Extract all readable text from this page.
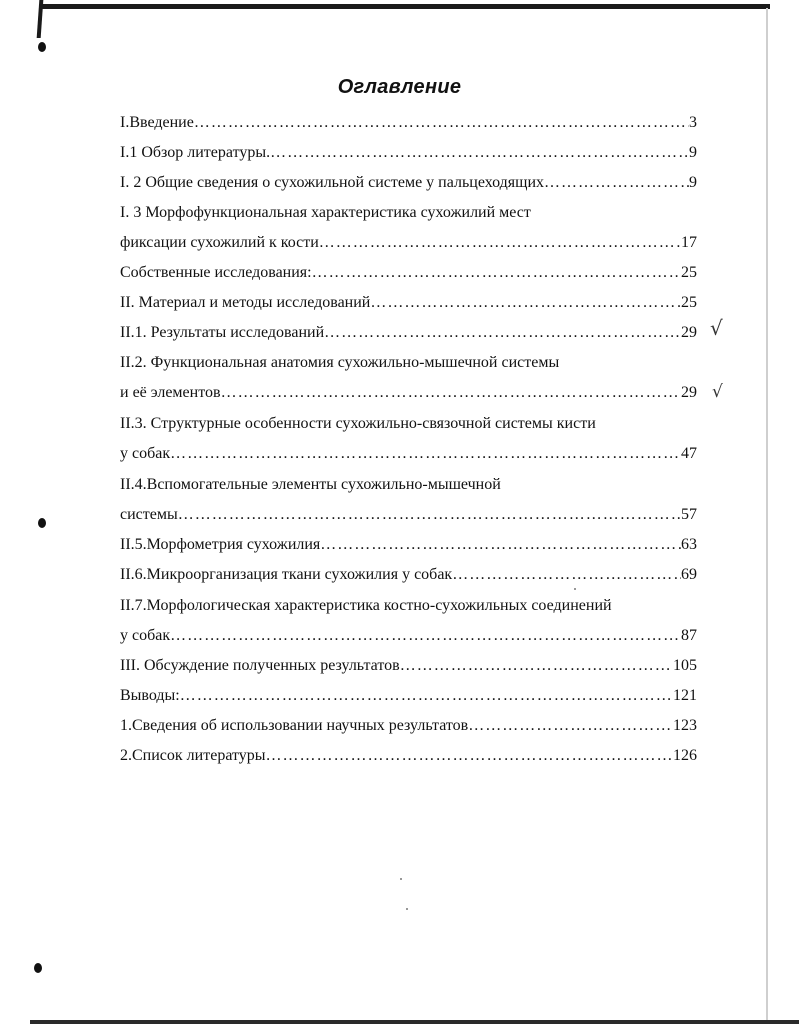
Оглавление
I.Введение ………………………………………………………………………………………………………………………………………………………	3
I.1 Обзор литературы. ………………………………………………………………………………………………………………………………………………………	9
I. 2 Общие сведения о сухожильной системе у пальцеходящих ………………………………………………………………………………………………………………………………………………………	9
I. 3 Морфофункциональная характеристика сухожилий мест
фиксации сухожилий к кости ………………………………………………………………………………………………………………………………………………………	17
Собственные исследования: ………………………………………………………………………………………………………………………………………………………	25
II. Материал и методы исследований ………………………………………………………………………………………………………………………………………………………	25
II.1. Результаты исследований ………………………………………………………………………………………………………………………………………………………	29
II.2. Функциональная анатомия сухожильно-мышечной системы
и её элементов ………………………………………………………………………………………………………………………………………………………	29
II.3. Структурные особенности сухожильно-связочной системы кисти
у собак ………………………………………………………………………………………………………………………………………………………	47
II.4.Вспомогательные элементы сухожильно-мышечной
системы ………………………………………………………………………………………………………………………………………………………	57
II.5.Морфометрия сухожилия ………………………………………………………………………………………………………………………………………………………	63
II.6.Микроорганизация ткани сухожилия у собак ………………………………………………………………………………………………………………………………………………………	69
II.7.Морфологическая характеристика костно-сухожильных соединений
у собак ………………………………………………………………………………………………………………………………………………………	87
III. Обсуждение полученных результатов ………………………………………………………………………………………………………………………………………………………	105
Выводы: ………………………………………………………………………………………………………………………………………………………	121
1.Сведения об использовании научных результатов ………………………………………………………………………………………………………………………………………………………	123
2.Список литературы ………………………………………………………………………………………………………………………………………………………	126
√
√
